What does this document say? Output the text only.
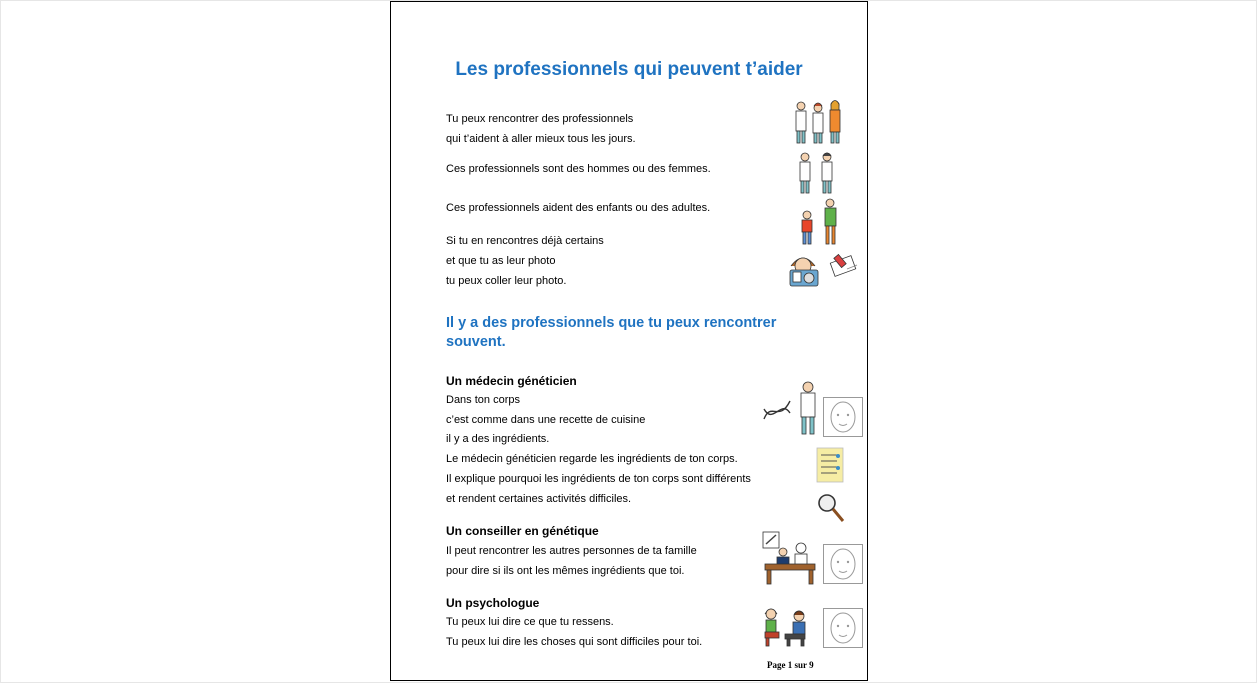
Les professionnels qui peuvent t’aider

Tu peux rencontrer des professionnels

qui t’aident à aller mieux tous les jours.

Ces professionnels sont des hommes ou des femmes.

Ces professionnels aident des enfants ou des adultes.

Si tu en rencontres déjà certains

et que tu as leur photo

tu peux coller leur photo.

Il y a des professionnels que tu peux rencontrer
souvent.
Un médecin généticien

Dans ton corps

c’est comme dans une recette de cuisine

il y a des ingrédients.

Le médecin généticien regarde les ingrédients de ton corps.

Il explique pourquoi les ingrédients de ton corps sont différents

et rendent certaines activités difficiles.

Un conseiller en génétique

Il peut rencontrer les autres personnes de ta famille

pour dire si ils ont les mêmes ingrédients que toi.

Un psychologue

Tu peux lui dire ce que tu ressens.

Tu peux lui dire les choses qui sont difficiles pour toi.

Page 1 sur 9
